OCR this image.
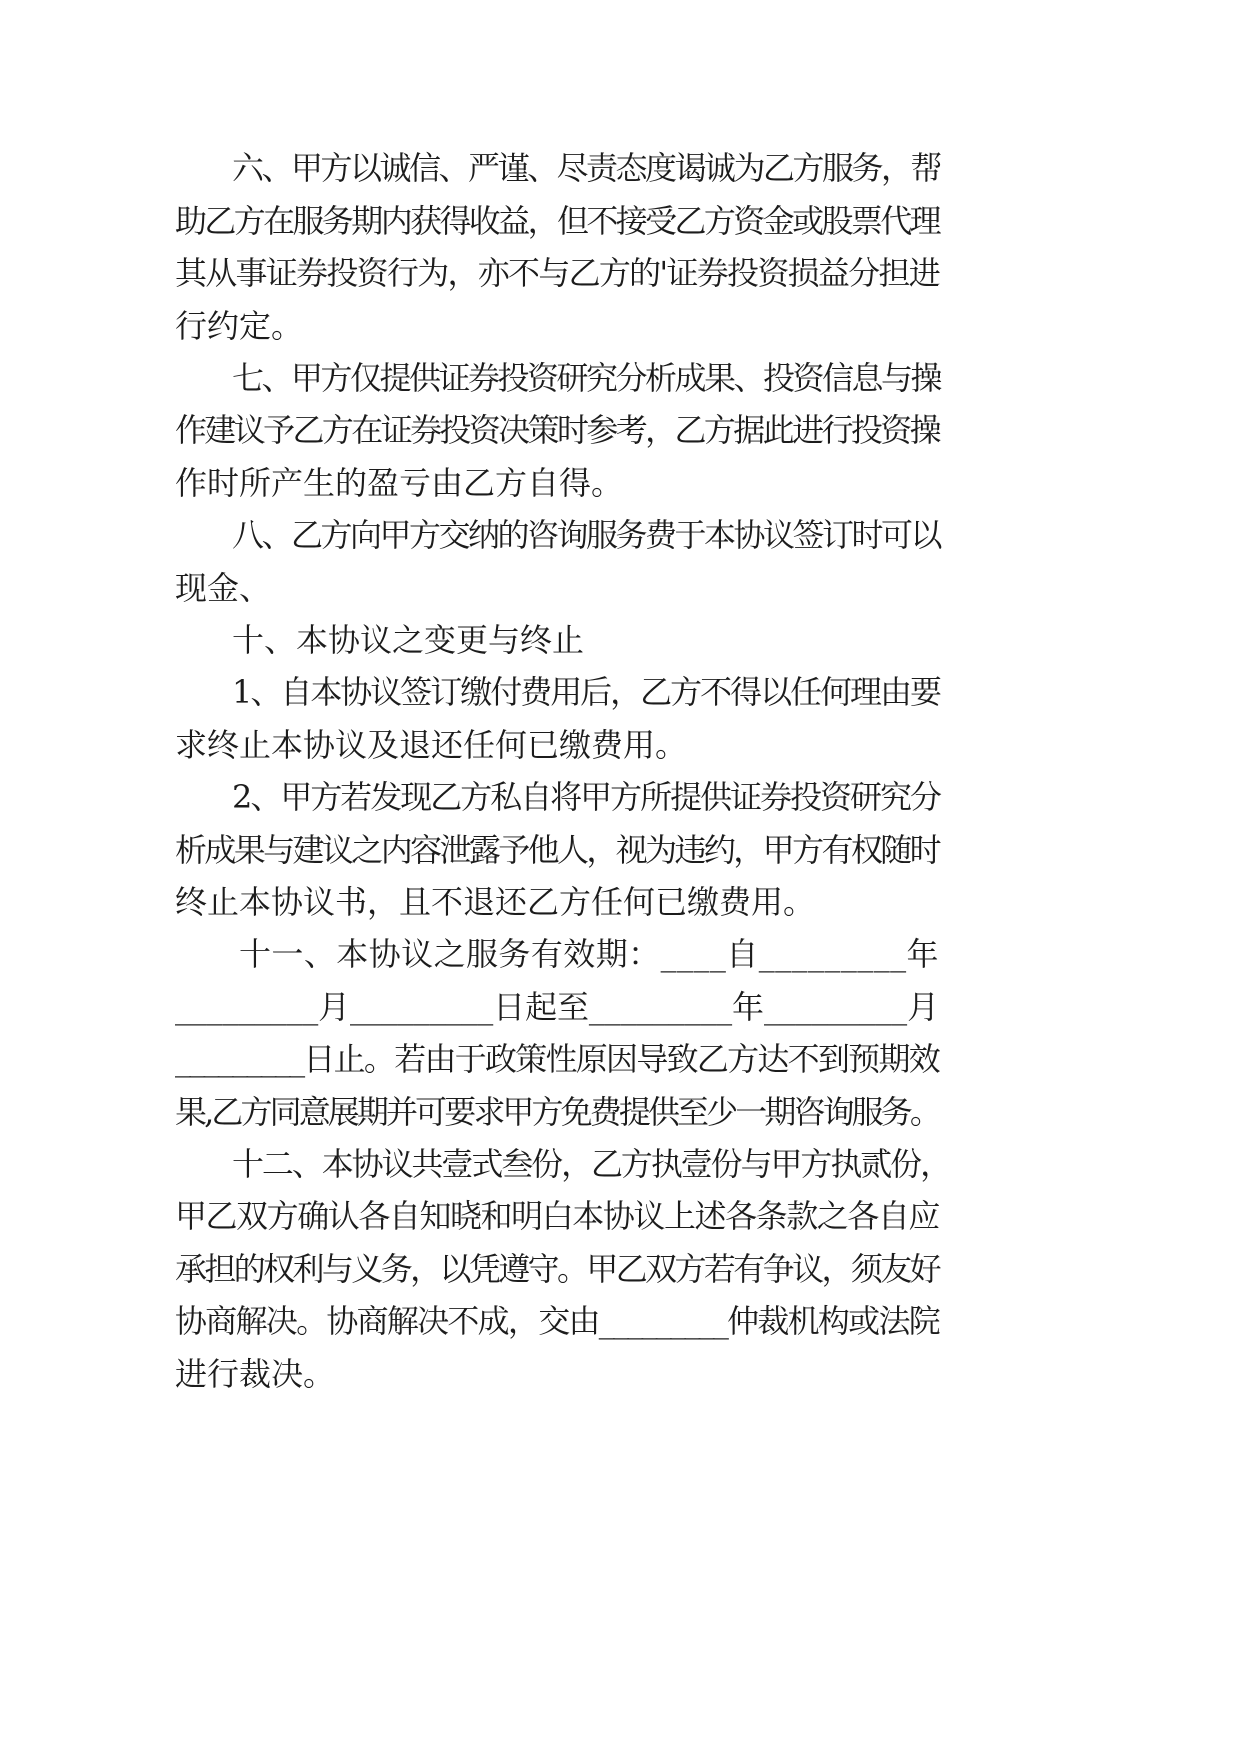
六、甲方以诚信、严谨、尽责态度谒诚为乙方服务，帮

助乙方在服务期内获得收益，但不接受乙方资金或股票代理

其从事证券投资行为，亦不与乙方的'证券投资损益分担进

行约定。

七、甲方仅提供证券投资研究分析成果、投资信息与操

作建议予乙方在证券投资决策时参考，乙方据此进行投资操

作时所产生的盈亏由乙方自得。

八、乙方向甲方交纳的咨询服务费于本协议签订时可以

现金、

十、本协议之变更与终止

1、自本协议签订缴付费用后，乙方不得以任何理由要

求终止本协议及退还任何已缴费用。

2、甲方若发现乙方私自将甲方所提供证券投资研究分

析成果与建议之内容泄露予他人，视为违约，甲方有权随时

终止本协议书，且不退还乙方任何已缴费用。

十一、本协议之服务有效期：____自_________年

_________月_________日起至_________年_________月

_________日止。若由于政策性原因导致乙方达不到预期效

果,乙方同意展期并可要求甲方免费提供至少一期咨询服务。

十二、本协议共壹式叁份，乙方执壹份与甲方执贰份，

甲乙双方确认各自知晓和明白本协议上述各条款之各自应

承担的权利与义务，以凭遵守。甲乙双方若有争议，须友好

协商解决。协商解决不成，交由_________仲裁机构或法院

进行裁决。
